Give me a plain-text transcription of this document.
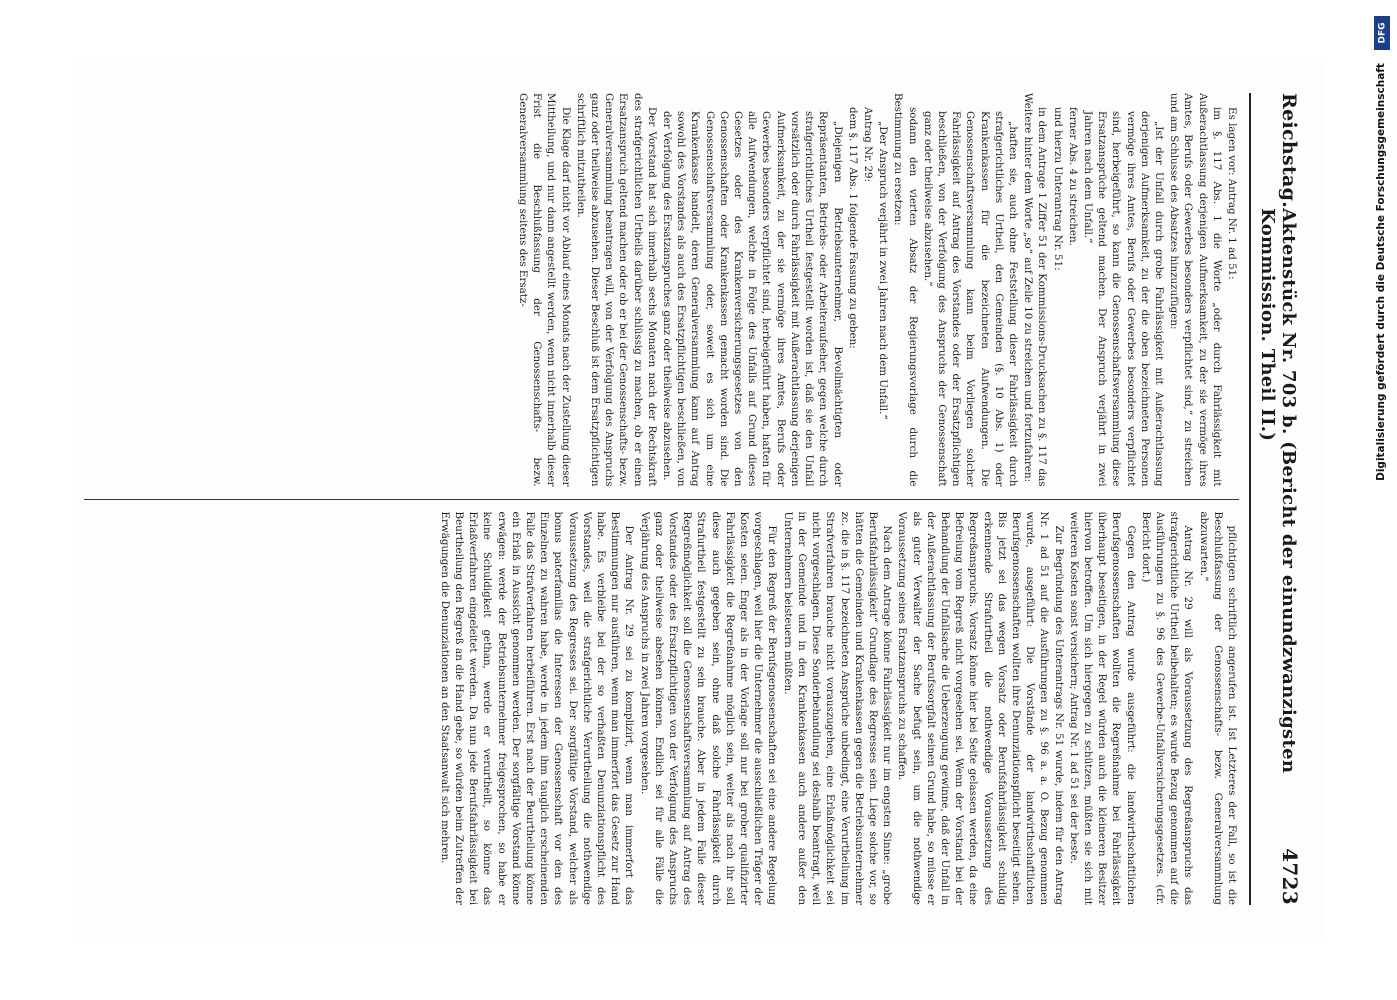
Reichstag.
Aktenstück Nr. 703 b. (Bericht der einundzwanzigsten Kommission. Theil II.)
4723

Es lagen vor: Antrag Nr. 1 ad 51:

im §. 117 Abs. 1 die Worte „oder durch Fahrlässigkeit mit Außerachtlassung derjenigen Aufmerksamkeit, zu der sie vermöge ihres Amtes, Berufs oder Gewerbes besonders verpflichtet sind,“ zu streichen und am Schlusse des Absatzes hinzuzufügen:

„Ist der Unfall durch grobe Fahrlässigkeit mit Außerachtlassung derjenigen Aufmerksamkeit, zu der die oben bezeichneten Personen vermöge ihres Amtes, Berufs oder Gewerbes besonders verpflichtet sind, herbeigeführt, so kann die Genossenschaftsversammlung diese Ersatzansprüche geltend machen. Der Anspruch verjährt in zwei Jahren nach dem Unfall.“

ferner Abs. 4 zu streichen.

und hierzu Unterantrag Nr. 51:

in dem Antrage 1 Ziffer 51 der Kommissions-Drucksachen zu §. 117 das Weitere hinter dem Worte „so“ auf Zeile 10 zu streichen und fortzufahren:

„haften sie, auch ohne Feststellung dieser Fahrlässigkeit durch strafgerichtliches Urtheil, den Gemeinden (§. 10 Abs. 1) oder Krankenkassen für die bezeichneten Aufwendungen. Die Genossenschaftsversammlung kann beim Vorliegen solcher Fahrlässigkeit auf Antrag des Vorstandes oder der Ersatzpflichtigen beschließen, von der Verfolgung des Anspruchs der Genossenschaft ganz oder theilweise abzusehen.“

sodann den vierten Absatz der Regierungsvorlage durch die Bestimmung zu ersetzen:

„Der Anspruch verjährt in zwei Jahren nach dem Unfall.“

Antrag Nr. 29:

dem §. 117 Abs. 1 folgende Fassung zu geben:

„Diejenigen Betriebsunternehmer, Bevollmächtigten oder Repräsentanten, Betriebs- oder Arbeiteraufseher, gegen welche durch strafgerichtliches Urtheil festgestellt worden ist, daß sie den Unfall vorsätzlich oder durch Fahrlässigkeit mit Außerachtlassung derjenigen Aufmerksamkeit, zu der sie vermöge ihres Amtes, Berufs oder Gewerbes besonders verpflichtet sind, herbeigeführt haben, haften für alle Aufwendungen, welche in Folge des Unfalls auf Grund dieses Gesetzes oder des Krankenversicherungsgesetzes von den Genossenschaften oder Krankenkassen gemacht worden sind. Die Genossenschaftsversammlung oder, soweit es sich um eine Krankenkasse handelt, deren Generalversammlung kann auf Antrag sowohl des Vorstandes als auch des Ersatzpflichtigen beschließen, von der Verfolgung des Ersatzanspruches ganz oder theilweise abzusehen.

Der Vorstand hat sich innerhalb sechs Monaten nach der Rechtskraft des strafgerichtlichen Urtheils darüber schlüssig zu machen, ob er einen Ersatzanspruch geltend machen oder ob er bei der Genossenschafts- bezw. Generalversammlung beantragen will, von der Verfolgung des Anspruchs ganz oder theilweise abzusehen. Dieser Beschluß ist dem Ersatzpflichtigen schriftlich mitzutheilen.

Die Klage darf nicht vor Ablauf eines Monats nach der Zustellung dieser Mittheilung, und nur dann angestellt werden, wenn nicht innerhalb dieser Frist die Beschlußfassung der Genossenschafts- bezw. Generalversammlung seitens des Ersatz-

pflichtigen schriftlich angerufen ist. Ist Letzteres der Fall, so ist die Beschlußfassung der Genossenschafts- bezw. Generalversammlung abzuwarten.“

Antrag Nr. 29 will als Voraussetzung des Regreßanspruchs das strafgerichtliche Urtheil beibehalten; es wurde Bezug genommen auf die Ausführungen zu §. 96 des Gewerbe-Unfallversicherungsgesetzes. (cfr. Bericht dort.)

Gegen den Antrag wurde ausgeführt: die landwirthschaftlichen Berufsgenossenschaften wollten die Regreßnahme bei Fahrlässigkeit überhaupt beseitigen, in der Regel würden auch die kleineren Besitzer hiervon betroffen. Um sich hiergegen zu schützen, müßten sie sich mit weiteren Kosten sonst versichern; Antrag Nr. 1 ad 51 sei der beste.

Zur Begründung des Unterantrags Nr. 51 wurde, indem für den Antrag Nr. 1 ad 51 auf die Ausführungen zu §. 96 a. a. O. Bezug genommen wurde, ausgeführt: Die Vorstände der landwirthschaftlichen Berufsgenossenschaften wollten ihre Denunziationspflicht beseitigt sehen. Bis jetzt sei das wegen Vorsatz oder Berufsfahrlässigkeit schuldig erkennende Strafurtheil die nothwendige Voraussetzung des Regreßanspruchs. Vorsatz könne hier bei Seite gelassen werden, da eine Befreiung vom Regreß nicht vorgesehen sei. Wenn der Vorstand bei der Behandlung der Unfallsache die Ueberzeugung gewinne, daß der Unfall in der Außerachtlassung der Berufssorgfalt seinen Grund habe, so müsse er als guter Verwalter der Sache befugt sein, um die nothwendige Voraussetzung seines Ersatzanspruchs zu schaffen.

Nach dem Antrage könne Fahrlässigkeit nur im engsten Sinne: „grobe Berufsfahrlässigkeit“ Grundlage des Regresses sein. Liege solche vor, so hätten die Gemeinden und Krankenkassen gegen die Betriebsunternehmer zc. die in §. 117 bezeichneten Ansprüche unbedingt, eine Verurtheilung im Strafverfahren brauche nicht vorauszugehen, eine Erlaßmöglichkeit sei nicht vorgeschlagen. Diese Sonderbehandlung sei deshalb beantragt, weil in der Gemeinde und in den Krankenkassen auch andere außer den Unternehmern beisteuern müßten.

Für den Regreß der Berufsgenossenschaften sei eine andere Regelung vorgeschlagen, weil hier die Unternehmer die ausschließlichen Träger der Kosten seien. Enger als in der Vorlage soll nur bei grober qualifizirter Fahrlässigkeit die Regreßnahme möglich sein, weiter als nach ihr soll diese auch gegeben sein, ohne daß solche Fahrlässigkeit durch Strafurtheil festgestellt zu sein brauche. Aber in jedem Falle dieser Regreßmöglichkeit soll die Genossenschaftsversammlung auf Antrag des Vorstandes oder des Ersatzpflichtigen von der Verfolgung des Anspruchs ganz oder theilweise absehen können. Endlich sei für alle Fälle die Verjährung des Anspruchs in zwei Jahren vorgesehen.

Der Antrag Nr. 29 sei zu komplizirt, wenn man immerfort das Bestimmungen nur ausführen, wenn man immerfort das Gesetz zur Hand habe. Es verbleibe bei der so verhaßten Denunziationspflicht des Vorstandes, weil die strafgerichtliche Verurtheilung die nothwendige Voraussetzung des Regresses sei. Der sorgfältige Vorstand, welcher als bonus paterfamilias die Interessen der Genossenschaft vor den des Einzelnen zu wahren habe, werde in jedem ihm tauglich erscheinenden Falle das Strafverfahren herbeiführen. Erst nach der Beurtheilung könne ein Erlaß in Aussicht genommen werden. Der sorgfältige Vorstand könne erwägen: werde der Betriebsunternehmer freigesprochen, so habe er keine Schuldigkeit gethan, werde er verurtheilt, so könne das Erlaßverfahren eingeleitet werden. Da nun jede Berufsfahrlässigkeit bei Beurtheilung den Regreß an die Hand gebe, so würden beim Zutreffen der Erwägungen die Denunziationen an den Staatsanwalt sich mehren.

DFG
Digitalisierung gefördert durch die Deutsche Forschungsgemeinschaft
